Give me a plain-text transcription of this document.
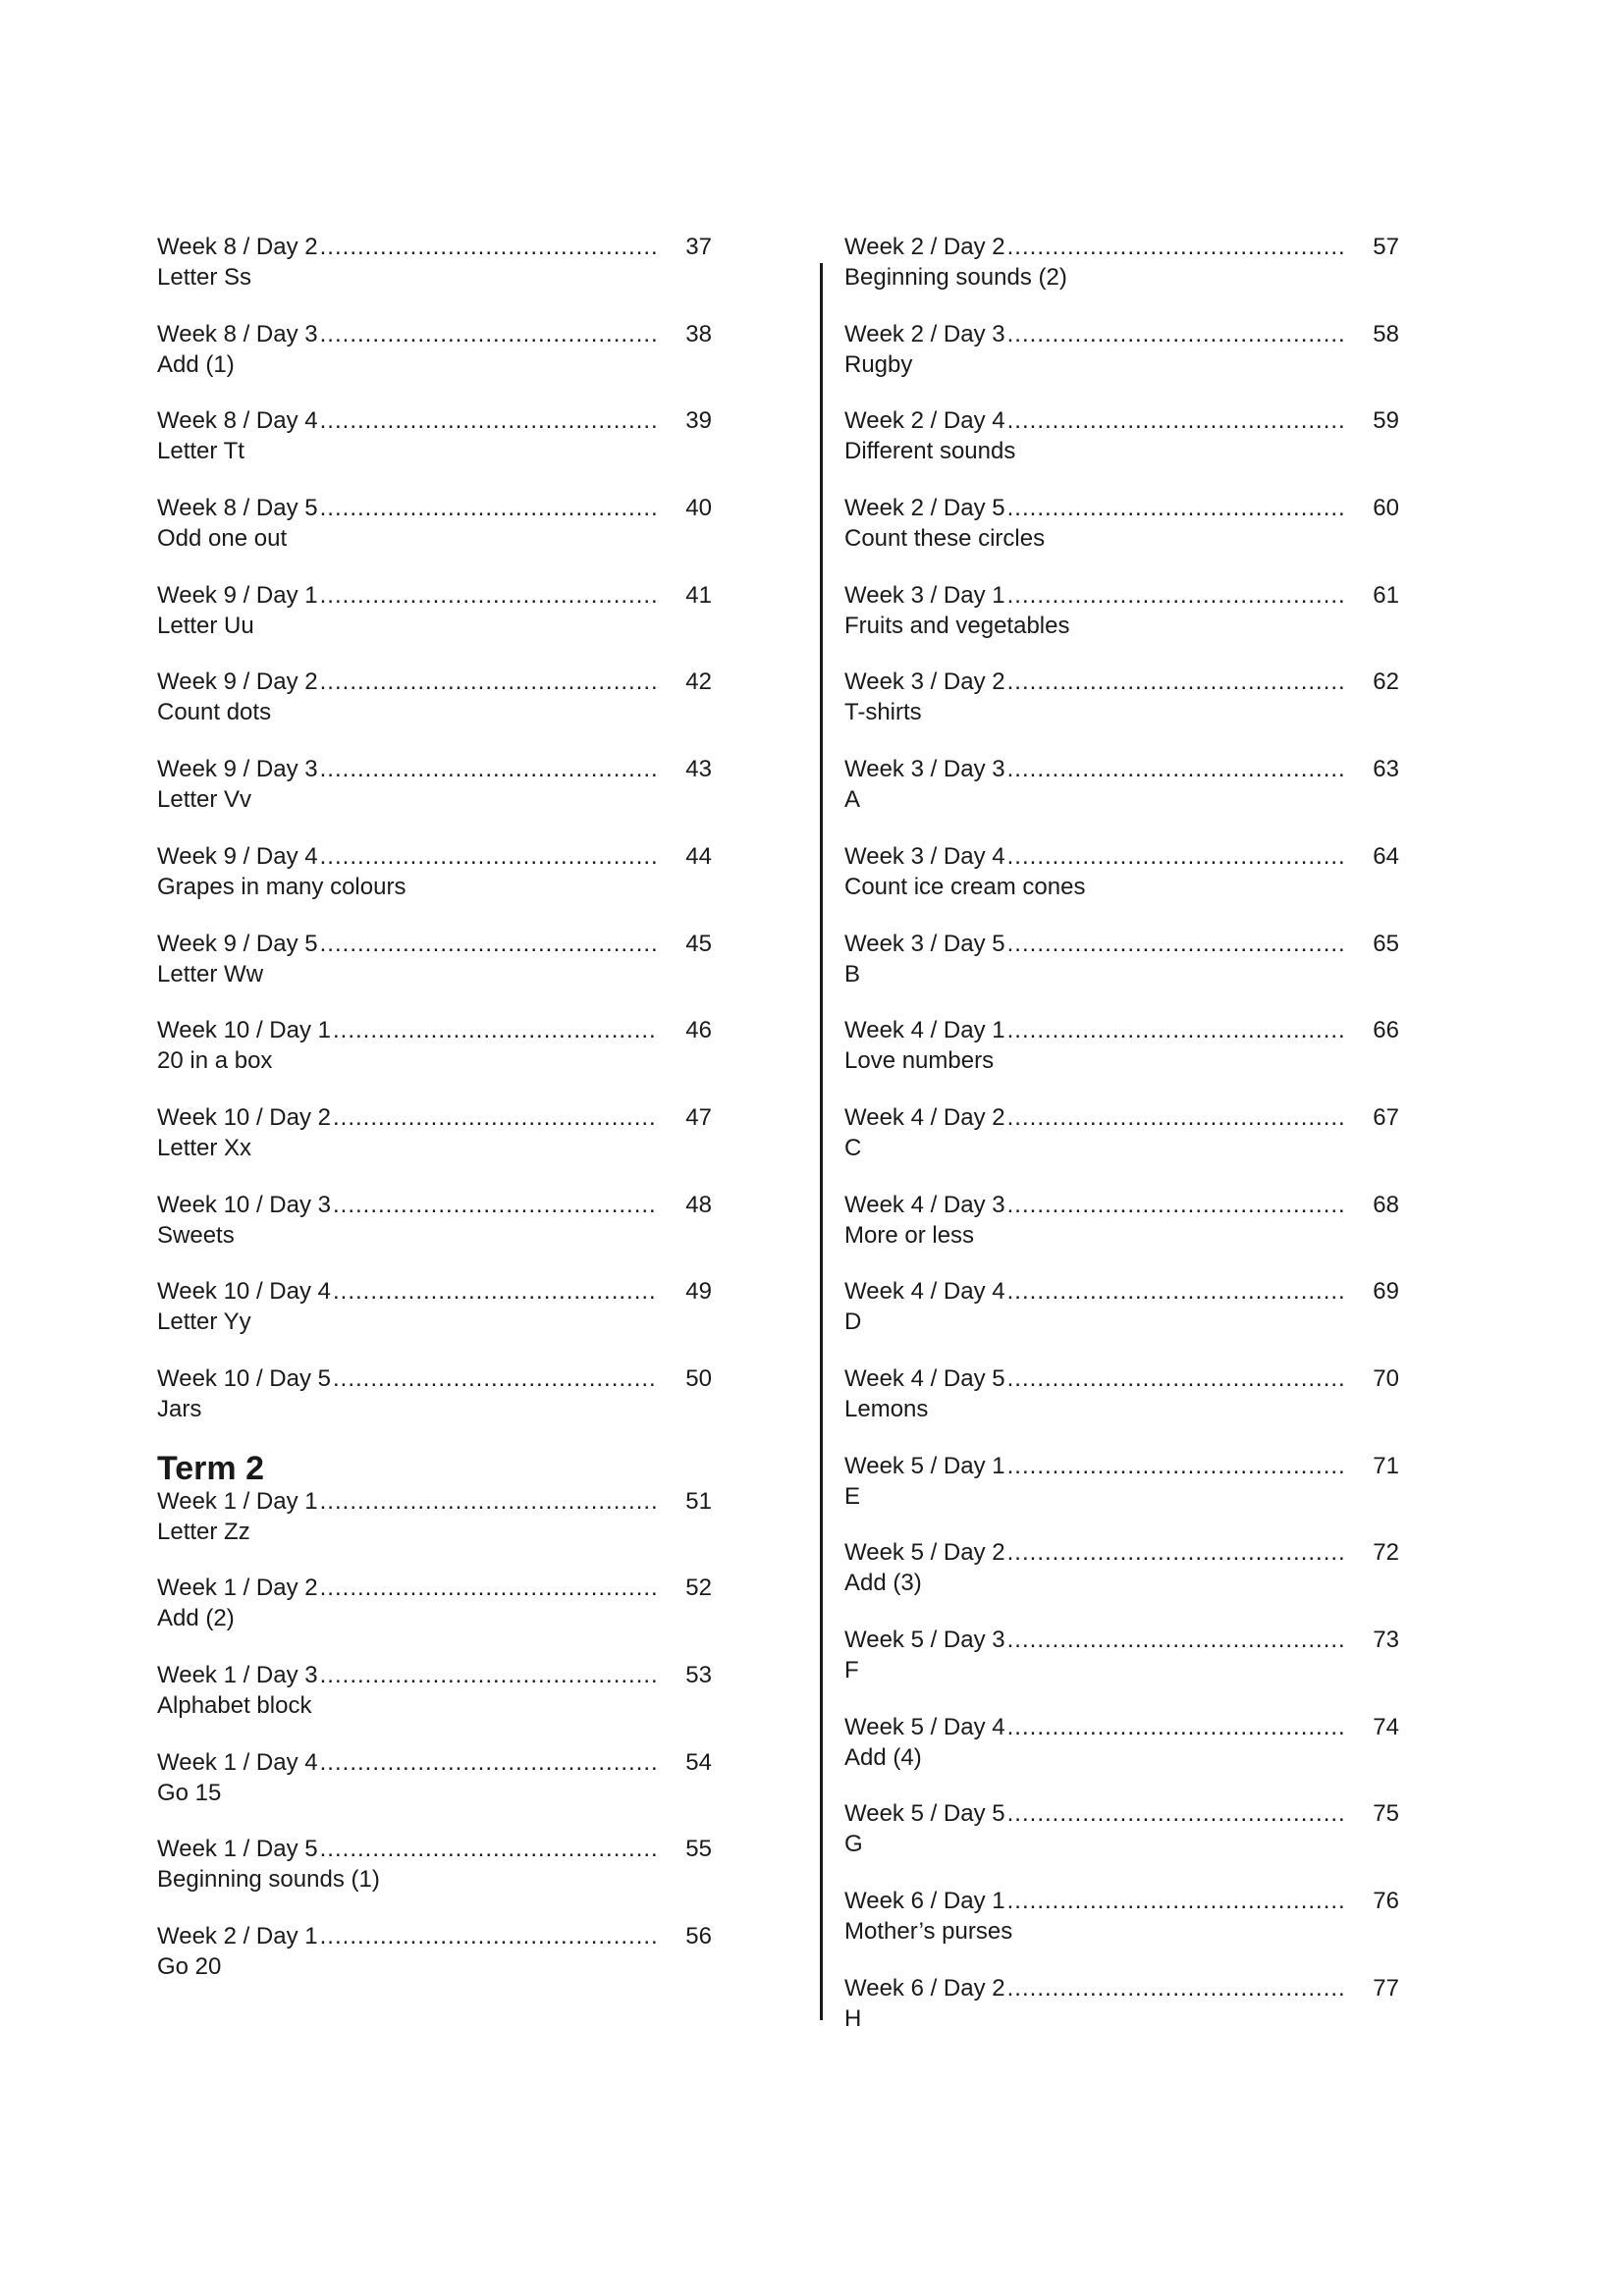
Week 8 / Day 2 .....	37
Letter Ss
Week 8 / Day 3 .....	38
Add (1)
Week 8 / Day 4 .....	39
Letter Tt
Week 8 / Day 5 .....	40
Odd one out
Week 9 / Day 1 .....	41
Letter Uu
Week 9 / Day 2 .....	42
Count dots
Week 9 / Day 3 .....	43
Letter Vv
Week 9 / Day 4 .....	44
Grapes in many colours
Week 9 / Day 5 .....	45
Letter Ww
Week 10 / Day 1 .....	46
20 in a box
Week 10 / Day 2 .....	47
Letter Xx
Week 10 / Day 3 .....	48
Sweets
Week 10 / Day 4 .....	49
Letter Yy
Week 10 / Day 5 .....	50
Jars
Term 2
Week 1 / Day 1 .....	51
Letter Zz
Week 1 / Day 2 .....	52
Add (2)
Week 1 / Day 3 .....	53
Alphabet block
Week 1 / Day 4 .....	54
Go 15
Week 1 / Day 5 .....	55
Beginning sounds (1)
Week 2 / Day 1 .....	56
Go 20
Week 2 / Day 2 .....	57
Beginning sounds (2)
Week 2 / Day 3 .....	58
Rugby
Week 2 / Day 4 .....	59
Different sounds
Week 2 / Day 5 .....	60
Count these circles
Week 3 / Day 1 .....	61
Fruits and vegetables
Week 3 / Day 2 .....	62
T-shirts
Week 3 / Day 3 .....	63
A
Week 3 / Day 4 .....	64
Count ice cream cones
Week 3 / Day 5 .....	65
B
Week 4 / Day 1 .....	66
Love numbers
Week 4 / Day 2 .....	67
C
Week 4 / Day 3 .....	68
More or less
Week 4 / Day 4 .....	69
D
Week 4 / Day 5 .....	70
Lemons
Week 5 / Day 1 .....	71
E
Week 5 / Day 2 .....	72
Add (3)
Week 5 / Day 3 .....	73
F
Week 5 / Day 4 .....	74
Add (4)
Week 5 / Day 5 .....	75
G
Week 6 / Day 1 .....	76
Mother’s purses
Week 6 / Day 2 .....	77
H
